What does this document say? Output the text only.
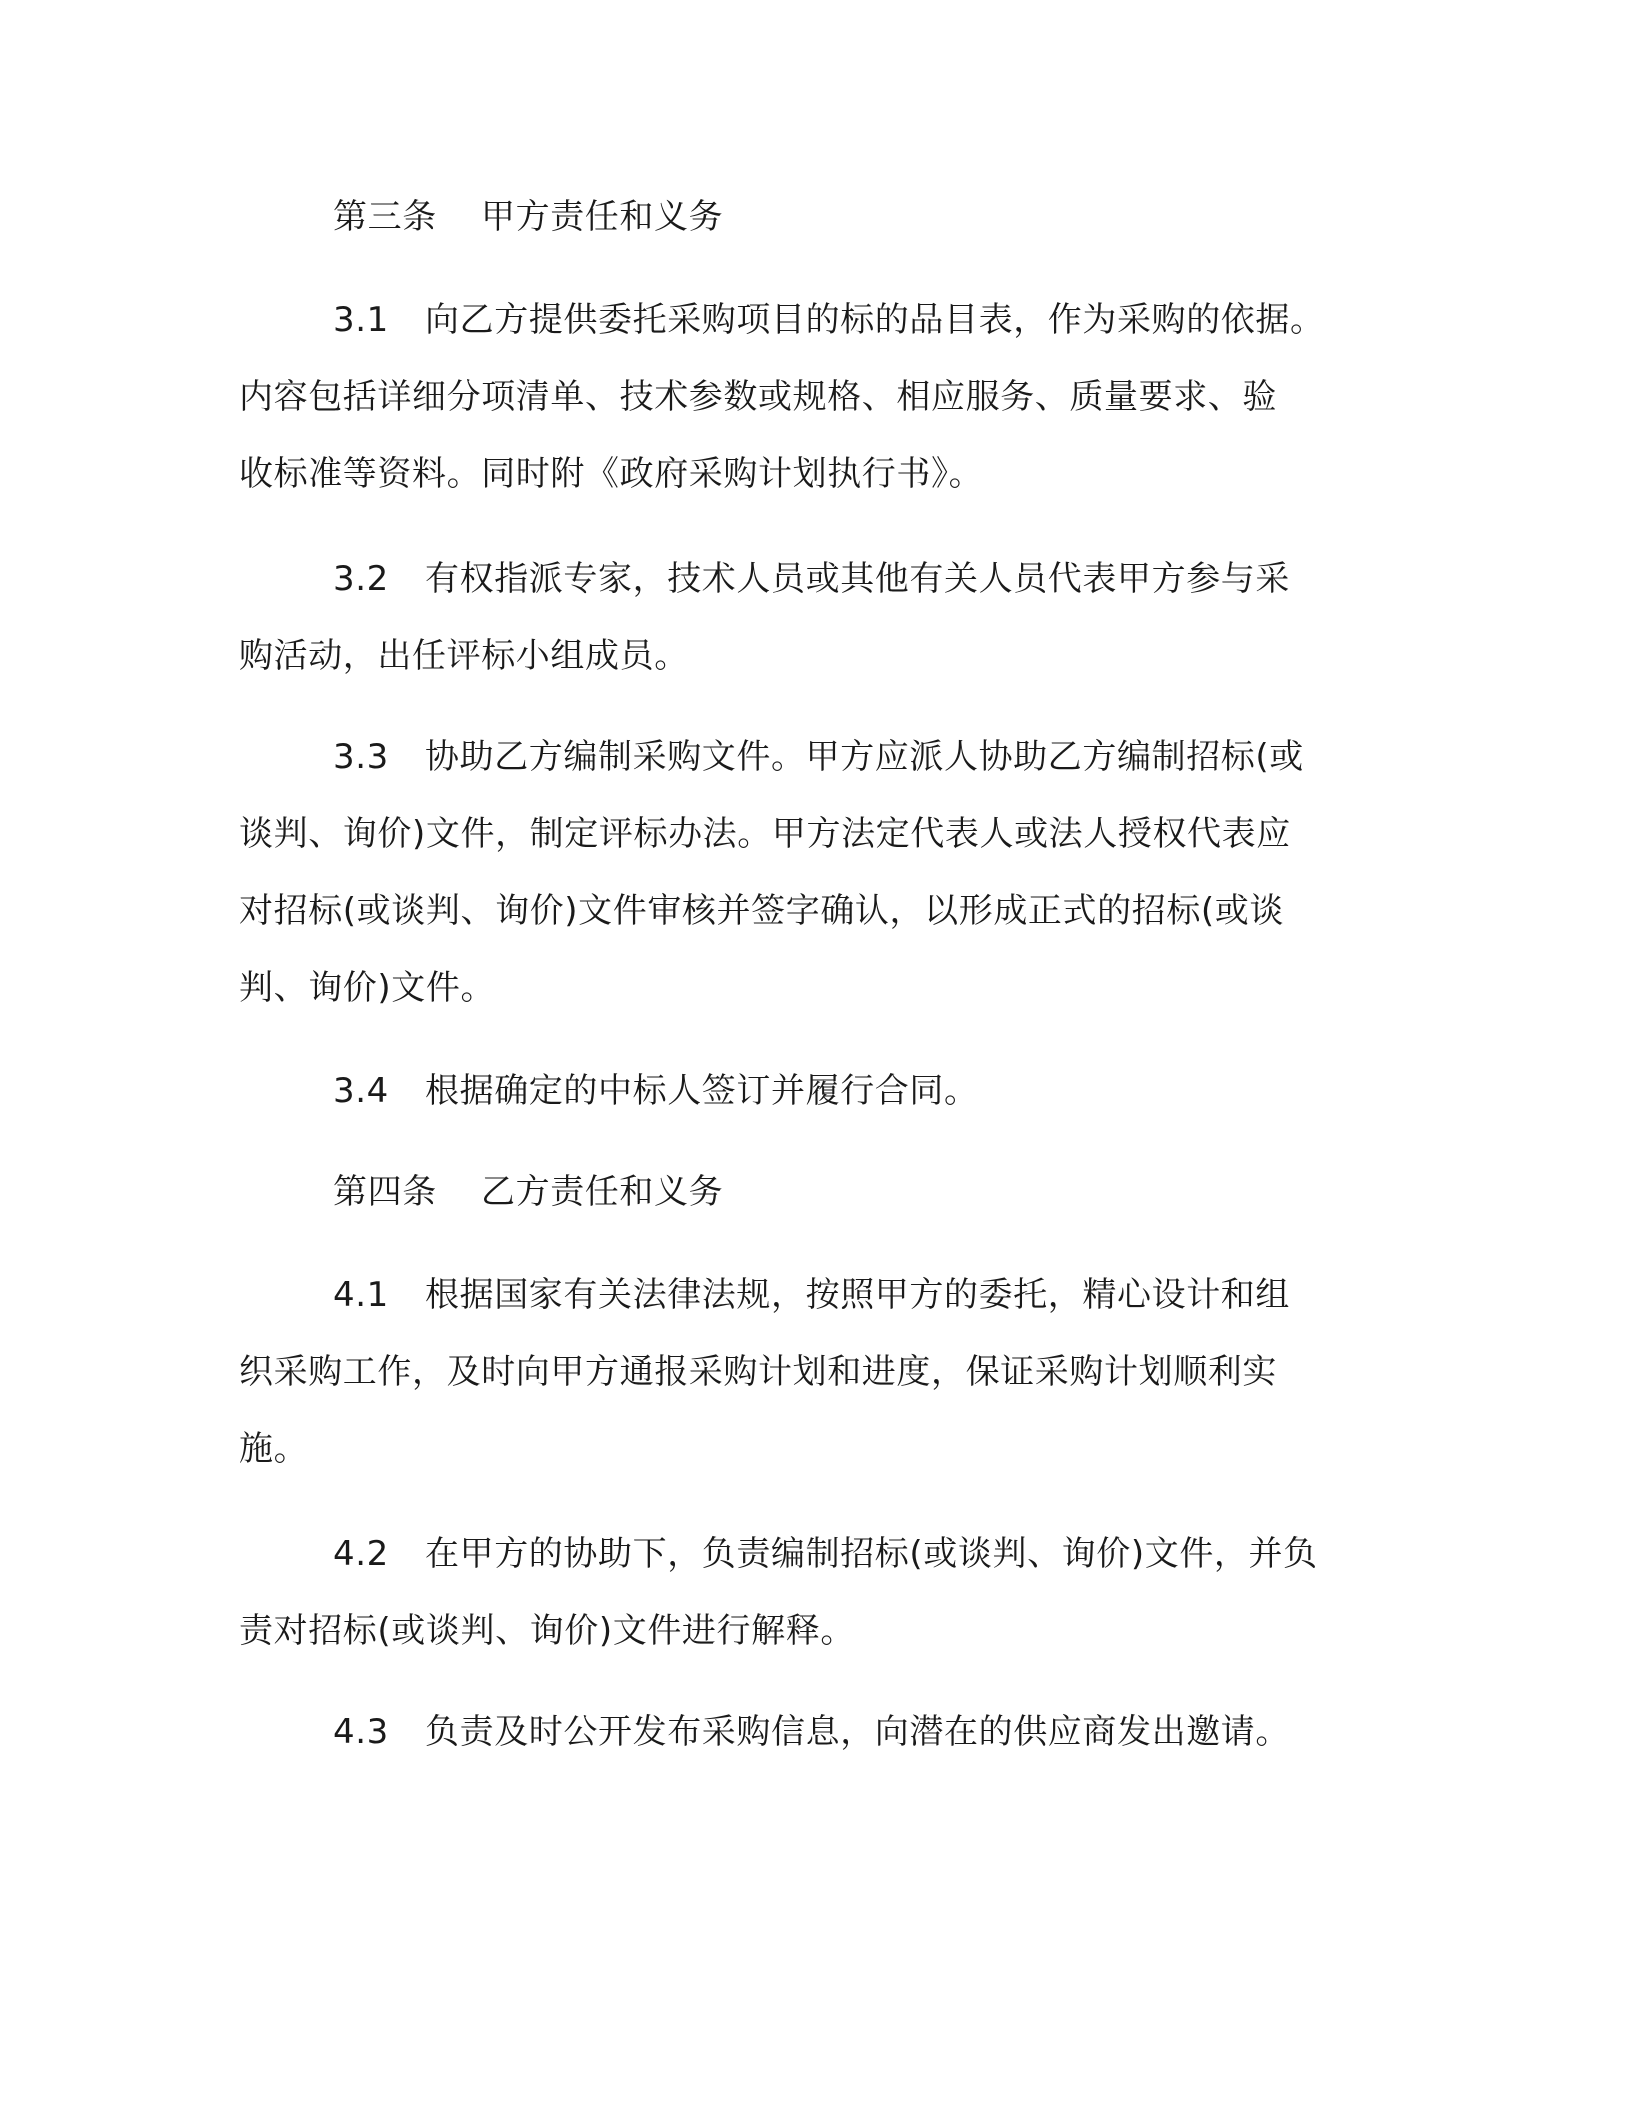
第三条 甲方责任和义务
3.1 向乙方提供委托采购项目的标的品目表，作为采购的依据。
内容包括详细分项清单、技术参数或规格、相应服务、质量要求、验
收标准等资料。同时附《政府采购计划执行书》。
3.2 有权指派专家，技术人员或其他有关人员代表甲方参与采
购活动，出任评标小组成员。
3.3 协助乙方编制采购文件。甲方应派人协助乙方编制招标(或
谈判、询价)文件，制定评标办法。甲方法定代表人或法人授权代表应
对招标(或谈判、询价)文件审核并签字确认，以形成正式的招标(或谈
判、询价)文件。
3.4 根据确定的中标人签订并履行合同。
第四条 乙方责任和义务
4.1 根据国家有关法律法规，按照甲方的委托，精心设计和组
织采购工作，及时向甲方通报采购计划和进度，保证采购计划顺利实
施。
4.2 在甲方的协助下，负责编制招标(或谈判、询价)文件，并负
责对招标(或谈判、询价)文件进行解释。
4.3 负责及时公开发布采购信息，向潜在的供应商发出邀请。
